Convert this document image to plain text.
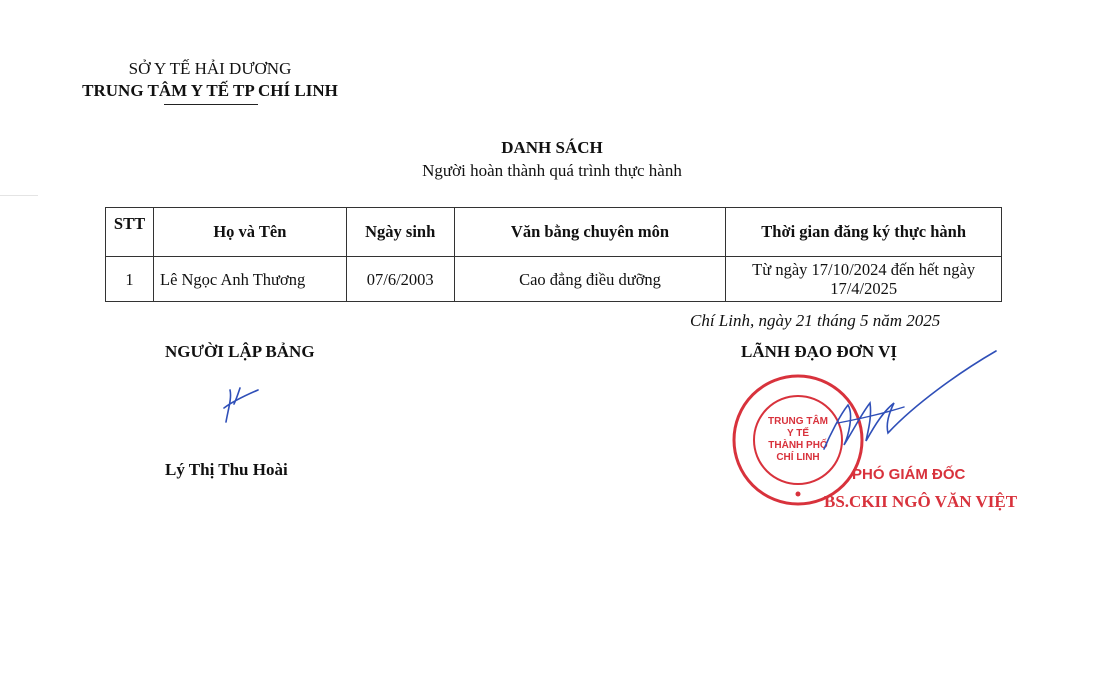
SỞ Y TẾ HẢI DƯƠNG
TRUNG TÂM Y TẾ TP CHÍ LINH
DANH SÁCH
Người hoàn thành quá trình thực hành
STT	Họ và Tên	Ngày sinh	Văn bằng chuyên môn	Thời gian đăng ký thực hành
1	Lê Ngọc Anh Thương	07/6/2003	Cao đẳng điều dưỡng	Từ ngày 17/10/2024 đến hết ngày
17/4/2025
Chí Linh, ngày 21 tháng 5 năm 2025
NGƯỜI LẬP BẢNG	LÃNH ĐẠO ĐƠN VỊ
Lý Thị Thu Hoài
TRUNG TÂM
Y TẾ
THÀNH PHỐ
CHÍ LINH
PHÓ GIÁM ĐỐC
BS.CKII NGÔ VĂN VIỆT
